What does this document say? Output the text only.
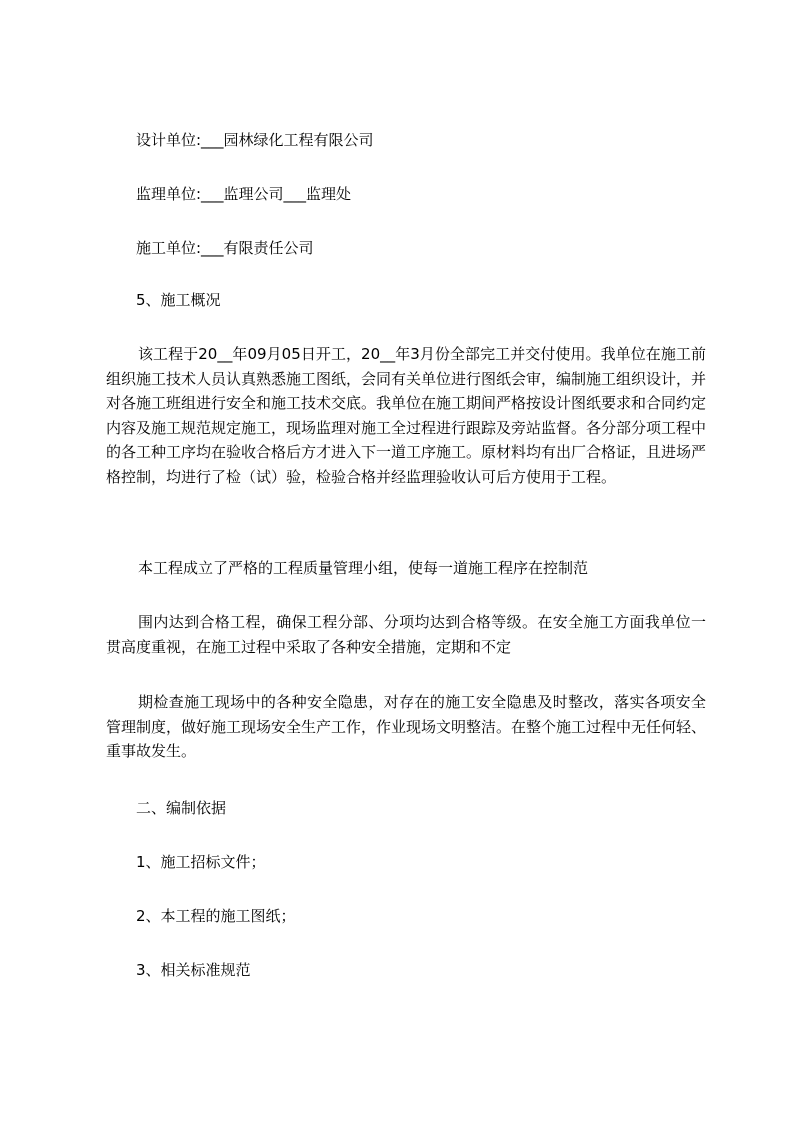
设计单位:___园林绿化工程有限公司
监理单位:___监理公司___监理处
施工单位:___有限责任公司
5、施工概况
该工程于20__年09月05日开工，20__年3月份全部完工并交付使用。我单位在施工前组织施工技术人员认真熟悉施工图纸，会同有关单位进行图纸会审，编制施工组织设计，并对各施工班组进行安全和施工技术交底。我单位在施工期间严格按设计图纸要求和合同约定内容及施工规范规定施工，现场监理对施工全过程进行跟踪及旁站监督。各分部分项工程中的各工种工序均在验收合格后方才进入下一道工序施工。原材料均有出厂合格证，且进场严格控制，均进行了检（试）验，检验合格并经监理验收认可后方使用于工程。
本工程成立了严格的工程质量管理小组，使每一道施工程序在控制范
围内达到合格工程，确保工程分部、分项均达到合格等级。在安全施工方面我单位一贯高度重视，在施工过程中采取了各种安全措施，定期和不定
期检查施工现场中的各种安全隐患，对存在的施工安全隐患及时整改，落实各项安全管理制度，做好施工现场安全生产工作，作业现场文明整洁。在整个施工过程中无任何轻、重事故发生。
二、编制依据
1、施工招标文件；
2、本工程的施工图纸；
3、相关标准规范
